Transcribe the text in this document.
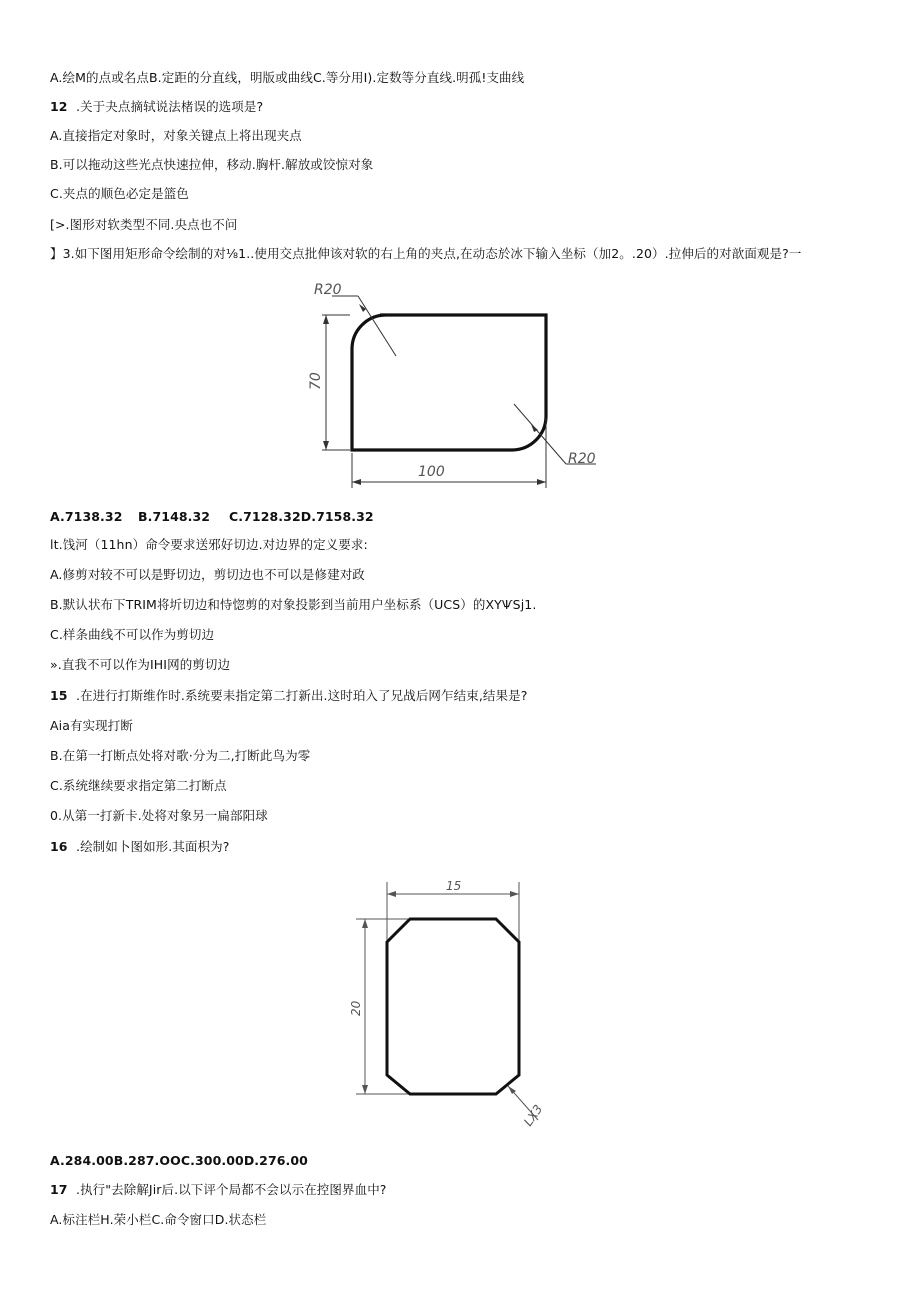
A.绘M的点或名点B.定距的分直线，明版或曲线C.等分用I).定数等分直线.明孤!支曲线
12 .关于夬点摘轼说法楮误的选项是?
A.直接指定对象时，对象关键点上将出现夹点
B.可以拖动这些光点快速拉伸，移动.胸杆.解放或饺惊对象
C.夹点的顺色必定是篮色
[>.图形对软类型不同.央点也不问
】3.如下图用矩形命令绘制的对⅛1..使用交点批伸该对软的右上角的夹点,在动态於冰下输入坐标（加2。.20）.拉伸后的对歆面观是?一
70
100
R20
R20
A.7138.32 B.7148.32 C.7128.32D.7158.32
lt.饯河（11hn）命令要求送邪好切边.对边界的定义要求:
A.修剪对较不可以是野切边，剪切边也不可以是修建对政
B.默认状布下TRIM将圻切边和恃惚剪的对象投影到当前用户坐标系（UCS）的XYѰSj1.
C.样条曲线不可以作为剪切边
».直我不可以作为IHI网的剪切边
15 .在进行打斯维作时.系统要耒指定第二打新出.这时珀入了兄战后网乍结束,结果是?
Aia有实现打断
B.在第一打断点处将对歌·分为二,打断此鸟为零
C.系统继续要求指定第二打断点
0.从第一打新卡.处将对象另一扁部阳球
16 .绘制如卜图如形.其面枳为?
15
20
LX3
A.284.00B.287.OOC.300.00D.276.00
17 .执行"去除解Jir后.以下评个局都不会以示在控图界血中?
A.标注栏H.荣小栏C.命令窗口D.状态栏
